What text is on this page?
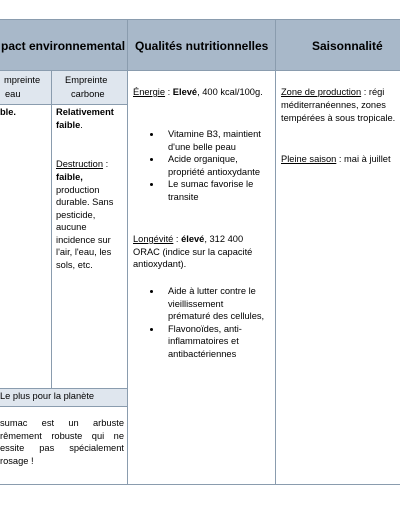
pact environnemental Qualités nutritionnelles	Saisonnalité
mpreinte
eau
Empreinte
carbone
ble.	Relativement
faible.
Destruction :
faible,
production
durable. Sans
pesticide,
aucune
incidence sur
l'air, l'eau, les
sols, etc.
Énergie : Elevé, 400 kcal/100g.
Vitamine B3, maintient
d'une belle peau
Acide organique,
propriété antioxydante
Le sumac favorise le
transite
Longévité : élevé, 312 400
ORAC (indice sur la capacité
antioxydant).
Aide à lutter contre le
vieillissement
prématuré des cellules,
Flavonoïdes, anti-
inflammatoires et
antibactériennes
Zone de production : régi
méditerranéennes, zones
tempérées à sous tropicale.
Pleine saison : mai à juillet
Le plus pour la planète
sumac est un arbuste
rêmement robuste qui ne
essite pas spécialement
rosage !
